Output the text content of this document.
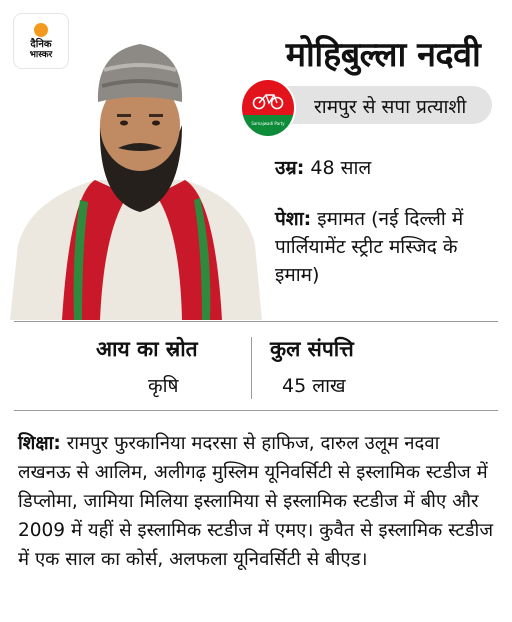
दैनिक
भास्कर	मोहिबुल्ला नदवी
रामपुर से सपा प्रत्याशी
Samajwadi Party
उम्र: 48 साल
पेशा: इमामत (नई दिल्ली में पार्लियामेंट स्ट्रीट मस्जिद के इमाम)
आय का स्रोत
कृषि
कुल संपत्ति
45 लाख
शिक्षा: रामपुर फुरकानिया मदरसा से हाफिज, दारुल उलूम नदवा लखनऊ से आलिम, अलीगढ़ मुस्लिम यूनिवर्सिटी से इस्लामिक स्टडीज में डिप्लोमा, जामिया मिलिया इस्लामिया से इस्लामिक स्टडीज में बीए और 2009 में यहीं से इस्लामिक स्टडीज में एमए। कुवैत से इस्लामिक स्टडीज में एक साल का कोर्स, अलफला यूनिवर्सिटी से बीएड।
